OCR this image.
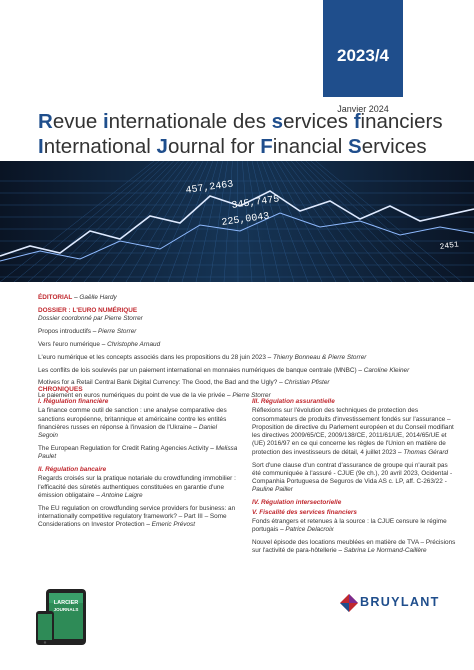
2023/4
Janvier 2024
Revue internationale des services financiers
International Journal for Financial Services
457,2463
345,7475
225,0043
2451
ÉDITORIAL – Gaëlle Hardy
DOSSIER : L'EURO NUMÉRIQUE
Dossier coordonné par Pierre Storrer
Propos introductifs – Pierre Storrer
Vers l'euro numérique – Christophe Arnaud
L'euro numérique et les concepts associés dans les propositions du 28 juin 2023 – Thierry Bonneau & Pierre Storrer
Les conflits de lois soulevés par un paiement international en monnaies numériques de banque centrale (MNBC) – Caroline Kleiner
Motives for a Retail Central Bank Digital Currency: The Good, the Bad and the Ugly? – Christian Pfister
Le paiement en euros numériques du point de vue de la vie privée – Pierre Storrer
CHRONIQUES
I. Régulation financière
La finance comme outil de sanction : une analyse comparative des sanctions européenne, britannique et américaine contre les entités financières russes en réponse à l'invasion de l'Ukraine – Daniel Segoin
The European Regulation for Credit Rating Agencies Activity – Melissa Paulet
II. Régulation bancaire
Regards croisés sur la pratique notariale du crowdfunding immobilier : l'efficacité des sûretés authentiques constituées en garantie d'une émission obligataire – Antoine Laigre
The EU regulation on crowdfunding service providers for business: an internationally competitive regulatory framework? – Part III – Some Considerations on Investor Protection – Emeric Prévost
III. Régulation assurantielle
Réflexions sur l'évolution des techniques de protection des consommateurs de produits d'investissement fondés sur l'assurance – Proposition de directive du Parlement européen et du Conseil modifiant les directives 2009/65/CE, 2009/138/CE, 2011/61/UE, 2014/65/UE et (UE) 2016/97 en ce qui concerne les règles de l'Union en matière de protection des investisseurs de détail, 4 juillet 2023 – Thomas Gérard
Sort d'une clause d'un contrat d'assurance de groupe qui n'aurait pas été communiquée à l'assuré - CJUE (9e ch.), 20 avril 2023, Ocidental - Companhia Portuguesa de Seguros de Vida AS c. LP, aff. C-263/22 - Pauline Pailler
IV. Régulation intersectorielle
V. Fiscalité des services financiers
Fonds étrangers et retenues à la source : la CJUE censure le régime portugais – Patrice Delacroix
Nouvel épisode des locations meublées en matière de TVA – Précisions sur l'activité de para-hôtellerie – Sabrina Le Normand-Caillère
LARCIER
JOURNALS
BRUYLANT
